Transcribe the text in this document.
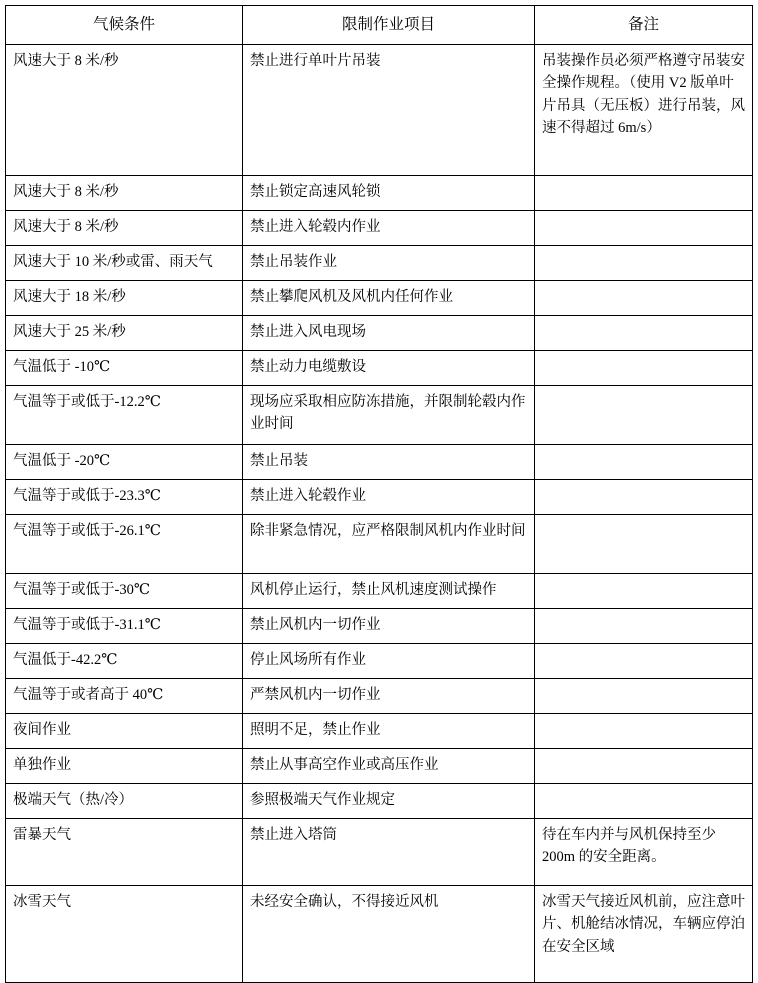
气候条件	限制作业项目	备注
风速大于 8 米/秒	禁止进行单叶片吊装	吊装操作员必须严格遵守吊装安全操作规程。（使用 V2 版单叶片吊具（无压板）进行吊装，风速不得超过 6m/s）
风速大于 8 米/秒	禁止锁定高速风轮锁	
风速大于 8 米/秒	禁止进入轮毂内作业	
风速大于 10 米/秒或雷、雨天气	禁止吊装作业	
风速大于 18 米/秒	禁止攀爬风机及风机内任何作业	
风速大于 25 米/秒	禁止进入风电现场	
气温低于 -10℃	禁止动力电缆敷设	
气温等于或低于-12.2℃	现场应采取相应防冻措施，并限制轮毂内作业时间	
气温低于 -20℃	禁止吊装	
气温等于或低于-23.3℃	禁止进入轮毂作业	
气温等于或低于-26.1℃	除非紧急情况，应严格限制风机内作业时间	
气温等于或低于-30℃	风机停止运行，禁止风机速度测试操作	
气温等于或低于-31.1℃	禁止风机内一切作业	
气温低于-42.2℃	停止风场所有作业	
气温等于或者高于 40℃	严禁风机内一切作业	
夜间作业	照明不足，禁止作业	
单独作业	禁止从事高空作业或高压作业	
极端天气（热/冷）	参照极端天气作业规定	
雷暴天气	禁止进入塔筒	待在车内并与风机保持至少 200m 的安全距离。
冰雪天气	未经安全确认，不得接近风机	冰雪天气接近风机前，应注意叶片、机舱结冰情况，车辆应停泊在安全区域
